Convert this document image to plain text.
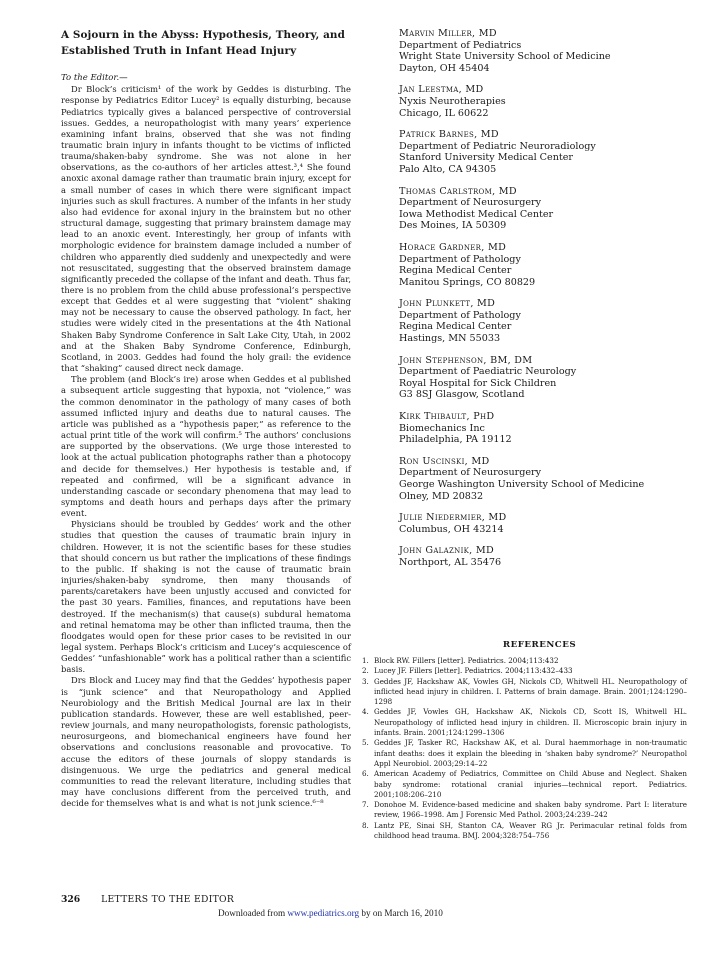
A Sojourn in the Abyss: Hypothesis, Theory, and Established Truth in Infant Head Injury
To the Editor.—

Dr Block’s criticism¹ of the work by Geddes is disturbing. The response by Pediatrics Editor Lucey² is equally disturbing, because Pediatrics typically gives a balanced perspective of controversial issues. Geddes, a neuropathologist with many years’ experience examining infant brains, observed that she was not finding traumatic brain injury in infants thought to be victims of inflicted trauma/shaken-baby syndrome. She was not alone in her observations, as the co-authors of her articles attest.³,⁴ She found anoxic axonal damage rather than traumatic brain injury, except for a small number of cases in which there were significant impact injuries such as skull fractures. A number of the infants in her study also had evidence for axonal injury in the brainstem but no other structural damage, suggesting that primary brainstem damage may lead to an anoxic event. Interestingly, her group of infants with morphologic evidence for brainstem damage included a number of children who apparently died suddenly and unexpectedly and were not resuscitated, suggesting that the observed brainstem damage significantly preceded the collapse of the infant and death. Thus far, there is no problem from the child abuse professional’s perspective except that Geddes et al were suggesting that “violent” shaking may not be necessary to cause the observed pathology. In fact, her studies were widely cited in the presentations at the 4th National Shaken Baby Syndrome Conference in Salt Lake City, Utah, in 2002 and at the Shaken Baby Syndrome Conference, Edinburgh, Scotland, in 2003. Geddes had found the holy grail: the evidence that “shaking” caused direct neck damage.

The problem (and Block’s ire) arose when Geddes et al published a subsequent article suggesting that hypoxia, not “violence,” was the common denominator in the pathology of many cases of both assumed inflicted injury and deaths due to natural causes. The article was published as a “hypothesis paper,” as reference to the actual print title of the work will confirm.⁵ The authors’ conclusions are supported by the observations. (We urge those interested to look at the actual publication photographs rather than a photocopy and decide for themselves.) Her hypothesis is testable and, if repeated and confirmed, will be a significant advance in understanding cascade or secondary phenomena that may lead to symptoms and death hours and perhaps days after the primary event.

Physicians should be troubled by Geddes’ work and the other studies that question the causes of traumatic brain injury in children. However, it is not the scientific bases for these studies that should concern us but rather the implications of these findings to the public. If shaking is not the cause of traumatic brain injuries/shaken-baby syndrome, then many thousands of parents/caretakers have been unjustly accused and convicted for the past 30 years. Families, finances, and reputations have been destroyed. If the mechanism(s) that cause(s) subdural hematoma and retinal hematoma may be other than inflicted trauma, then the floodgates would open for these prior cases to be revisited in our legal system. Perhaps Block’s criticism and Lucey’s acquiescence of Geddes’ “unfashionable” work has a political rather than a scientific basis.

Drs Block and Lucey may find that the Geddes’ hypothesis paper is “junk science” and that Neuropathology and Applied Neurobiology and the British Medical Journal are lax in their publication standards. However, these are well established, peer-review journals, and many neuropathologists, forensic pathologists, neurosurgeons, and biomechanical engineers have found her observations and conclusions reasonable and provocative. To accuse the editors of these journals of sloppy standards is disingenuous. We urge the pediatrics and general medical communities to read the relevant literature, including studies that may have conclusions different from the perceived truth, and decide for themselves what is and what is not junk science.⁶⁻⁸

Marvin Miller, MD
Department of Pediatrics
Wright State University School of Medicine
Dayton, OH 45404
Jan Leestma, MD
Nyxis Neurotherapies
Chicago, IL 60622
Patrick Barnes, MD
Department of Pediatric Neuroradiology
Stanford University Medical Center
Palo Alto, CA 94305
Thomas Carlstrom, MD
Department of Neurosurgery
Iowa Methodist Medical Center
Des Moines, IA 50309
Horace Gardner, MD
Department of Pathology
Regina Medical Center
Manitou Springs, CO 80829
John Plunkett, MD
Department of Pathology
Regina Medical Center
Hastings, MN 55033
John Stephenson, BM, DM
Department of Paediatric Neurology
Royal Hospital for Sick Children
G3 8SJ Glasgow, Scotland
Kirk Thibault, PhD
Biomechanics Inc
Philadelphia, PA 19112
Ron Uscinski, MD
Department of Neurosurgery
George Washington University School of Medicine
Olney, MD 20832
Julie Niedermier, MD
Columbus, OH 43214
John Galaznik, MD
Northport, AL 35476
REFERENCES
1. Block RW. Fillers [letter]. Pediatrics. 2004;113:432
2. Lucey JF. Fillers [letter]. Pediatrics. 2004;113:432–433
3. Geddes JF, Hackshaw AK, Vowles GH, Nickols CD, Whitwell HL. Neuropathology of inflicted head injury in children. I. Patterns of brain damage. Brain. 2001;124:1290–1298
4. Geddes JF, Vowles GH, Hackshaw AK, Nickols CD, Scott IS, Whitwell HL. Neuropathology of inflicted head injury in children. II. Microscopic brain injury in infants. Brain. 2001;124:1299–1306
5. Geddes JF, Tasker RC, Hackshaw AK, et al. Dural haemmorhage in non-traumatic infant deaths: does it explain the bleeding in ‘shaken baby syndrome?’ Neuropathol Appl Neurobiol. 2003;29:14–22
6. American Academy of Pediatrics, Committee on Child Abuse and Neglect. Shaken baby syndrome: rotational cranial injuries—technical report. Pediatrics. 2001;108:206–210
7. Donohoe M. Evidence-based medicine and shaken baby syndrome. Part I: literature review, 1966–1998. Am J Forensic Med Pathol. 2003;24:239–242
8. Lantz PE, Sinai SH, Stanton CA, Weaver RG Jr. Perimacular retinal folds from childhood head trauma. BMJ. 2004;328:754–756
326 LETTERS TO THE EDITOR
Downloaded from www.pediatrics.org by on March 16, 2010
